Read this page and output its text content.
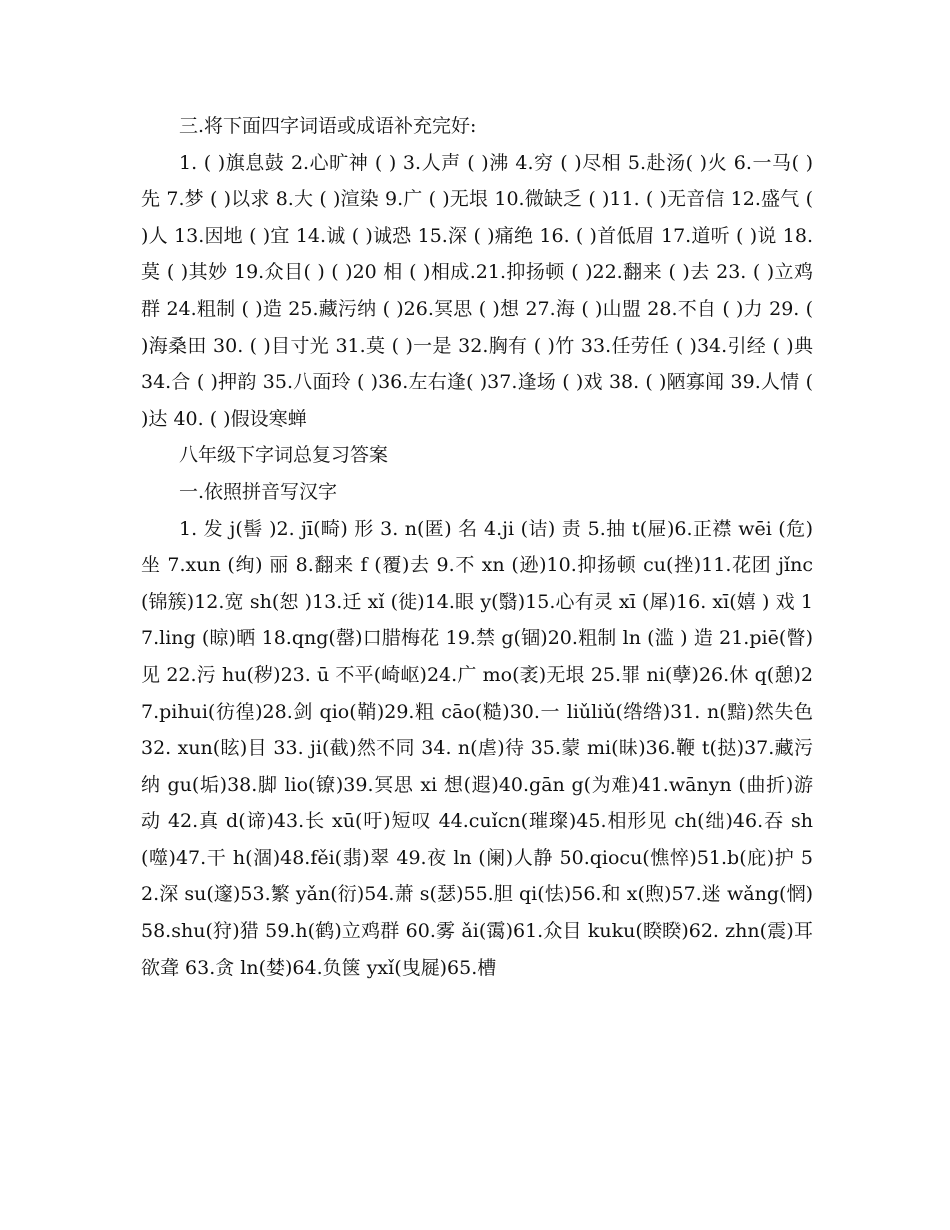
三.将下面四字词语或成语补充完好:

1. ( )旗息鼓 2.心旷神 ( ) 3.人声 ( )沸 4.穷 ( )尽相 5.赴汤( )火 6.一马( ) 先 7.梦 ( )以求 8.大 ( )渲染 9.广 ( )无垠 10.微缺乏 ( )11. ( )无音信 12.盛气 ( )人 13.因地 ( )宜 14.诚 ( )诚恐 15.深 ( )痛绝 16. ( )首低眉 17.道听 ( )说 18.莫 ( )其妙 19.众目( ) ( )20 相 ( )相成.21.抑扬顿 ( )22.翻来 ( )去 23. ( )立鸡群 24.粗制 ( )造 25.藏污纳 ( )26.冥思 ( )想 27.海 ( )山盟 28.不自 ( )力 29. ( )海桑田 30. ( )目寸光 31.莫 ( )一是 32.胸有 ( )竹 33.任劳任 ( )34.引经 ( )典 34.合 ( )押韵 35.八面玲 ( )36.左右逢( )37.逢场 ( )戏 38. ( )陋寡闻 39.人情 ( )达 40. ( )假设寒蝉

八年级下字词总复习答案

一.依照拼音写汉字

1. 发 j(髻 )2. jī(畸) 形 3. n(匿) 名 4.ji (诘) 责 5.抽 t(屉)6.正襟 wēi (危) 坐 7.xun (绚) 丽 8.翻来 f (覆)去 9.不 xn (逊)10.抑扬顿 cu(挫)11.花团 jǐnc (锦簇)12.宽 sh(恕 )13.迁 xǐ (徙)14.眼 y(翳)15.心有灵 xī (犀)16. xī(嬉 ) 戏 17.ling (晾)晒 18.qng(罄)口腊梅花 19.禁 g(锢)20.粗制 ln (滥 ) 造 21.piē(瞥) 见 22.污 hu(秽)23. ū 不平(崎岖)24.广 mo(袤)无垠 25.罪 ni(孽)26.休 q(憩)27.pihui(彷徨)28.剑 qio(鞘)29.粗 cāo(糙)30.一 liǔliǔ(绺绺)31. n(黯)然失色 32. xun(眩)目 33. ji(截)然不同 34. n(虐)待 35.蒙 mi(昧)36.鞭 t(挞)37.藏污纳 gu(垢)38.脚 lio(镣)39.冥思 xi 想(遐)40.gān g(为难)41.wānyn (曲折)游动 42.真 d(谛)43.长 xū(吁)短叹 44.cuǐcn(璀璨)45.相形见 ch(绌)46.吞 sh(噬)47.干 h(涸)48.fěi(翡)翠 49.夜 ln (阑)人静 50.qiocu(憔悴)51.b(庇)护 52.深 su(邃)53.繁 yǎn(衍)54.萧 s(瑟)55.胆 qi(怯)56.和 x(煦)57.迷 wǎng(惘)58.shu(狩)猎 59.h(鹤)立鸡群 60.雾 ǎi(霭)61.众目 kuku(睽睽)62. zhn(震)耳欲聋 63.贪 ln(婪)64.负箧 yxǐ(曳屣)65.槽
